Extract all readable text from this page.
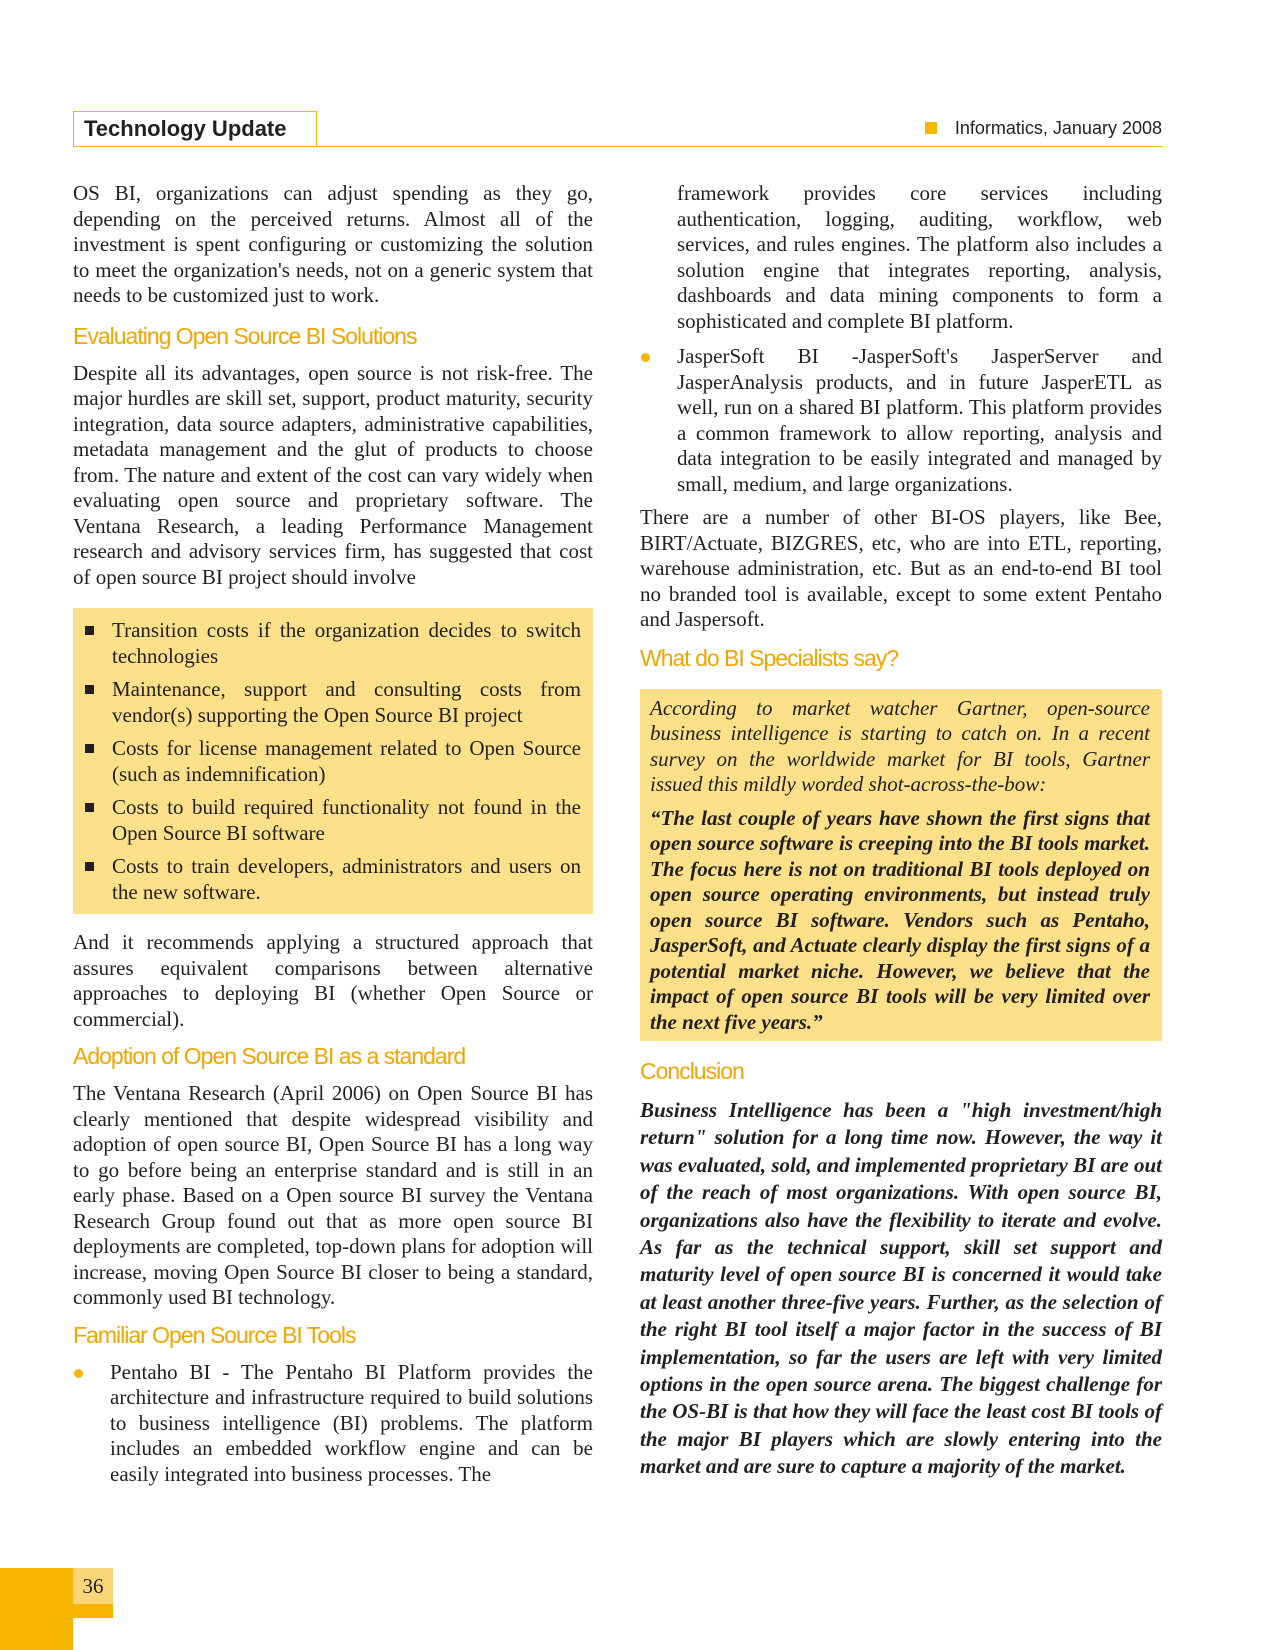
Technology Update	Informatics, January 2008

OS BI, organizations can adjust spending as they go, depending on the perceived returns. Almost all of the investment is spent configuring or customizing the solution to meet the organization's needs, not on a generic system that needs to be customized just to work.

Evaluating Open Source BI Solutions

Despite all its advantages, open source is not risk-free. The major hurdles are skill set, support, product maturity, security integration, data source adapters, administrative capabilities, metadata management and the glut of products to choose from. The nature and extent of the cost can vary widely when evaluating open source and proprietary software. The Ventana Research, a leading Performance Management research and advisory services firm, has suggested that cost of open source BI project should involve

Transition costs if the organization decides to switch technologies
Maintenance, support and consulting costs from vendor(s) supporting the Open Source BI project
Costs for license management related to Open Source (such as indemnification)
Costs to build required functionality not found in the Open Source BI software
Costs to train developers, administrators and users on the new software.

And it recommends applying a structured approach that assures equivalent comparisons between alternative approaches to deploying BI (whether Open Source or commercial).

Adoption of Open Source BI as a standard

The Ventana Research (April 2006) on Open Source BI has clearly mentioned that despite widespread visibility and adoption of open source BI, Open Source BI has a long way to go before being an enterprise standard and is still in an early phase. Based on a Open source BI survey the Ventana Research Group found out that as more open source BI deployments are completed, top-down plans for adoption will increase, moving Open Source BI closer to being a standard, commonly used BI technology.

Familiar Open Source BI Tools

Pentaho BI - The Pentaho BI Platform provides the architecture and infrastructure required to build solutions to business intelligence (BI) problems. The platform includes an embedded workflow engine and can be easily integrated into business processes. The

framework provides core services including authentication, logging, auditing, workflow, web services, and rules engines. The platform also includes a solution engine that integrates reporting, analysis, dashboards and data mining components to form a sophisticated and complete BI platform.

JasperSoft BI -JasperSoft's JasperServer and JasperAnalysis products, and in future JasperETL as well, run on a shared BI platform. This platform provides a common framework to allow reporting, analysis and data integration to be easily integrated and managed by small, medium, and large organizations.

There are a number of other BI-OS players, like Bee, BIRT/Actuate, BIZGRES, etc, who are into ETL, reporting, warehouse administration, etc. But as an end-to-end BI tool no branded tool is available, except to some extent Pentaho and Jaspersoft.

What do BI Specialists say?

According to market watcher Gartner, open-source business intelligence is starting to catch on. In a recent survey on the worldwide market for BI tools, Gartner issued this mildly worded shot-across-the-bow:

“The last couple of years have shown the first signs that open source software is creeping into the BI tools market. The focus here is not on traditional BI tools deployed on open source operating environments, but instead truly open source BI software. Vendors such as Pentaho, JasperSoft, and Actuate clearly display the first signs of a potential market niche. However, we believe that the impact of open source BI tools will be very limited over the next five years.”

Conclusion

Business Intelligence has been a "high investment/high return" solution for a long time now. However, the way it was evaluated, sold, and implemented proprietary BI are out of the reach of most organizations. With open source BI, organizations also have the flexibility to iterate and evolve. As far as the technical support, skill set support and maturity level of open source BI is concerned it would take at least another three-five years. Further, as the selection of the right BI tool itself a major factor in the success of BI implementation, so far the users are left with very limited options in the open source arena. The biggest challenge for the OS-BI is that how they will face the least cost BI tools of the major BI players which are slowly entering into the market and are sure to capture a majority of the market.

36
